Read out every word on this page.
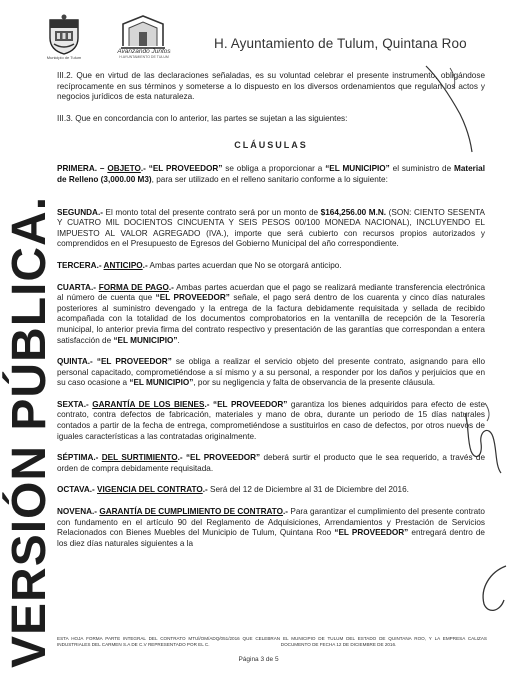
Municipio de Tulum
Avanzando Juntos
H.AYUNTAMIENTO DE TULUM
H. Ayuntamiento de Tulum, Quintana Roo
VERSIÓN PÚBLICA.

III.2. Que en virtud de las declaraciones señaladas, es su voluntad celebrar el presente instrumento, obligándose recíprocamente en sus términos y someterse a lo dispuesto en los diversos ordenamientos que regulan los actos y negocios jurídicos de esta naturaleza.

III.3. Que en concordancia con lo anterior, las partes se sujetan a las siguientes:

CLÁUSULAS

PRIMERA. – OBJETO.- “EL PROVEEDOR” se obliga a proporcionar a “EL MUNICIPIO” el suministro de Material de Relleno (3,000.00 M3), para ser utilizado en el relleno sanitario conforme a lo siguiente:

SEGUNDA.- El monto total del presente contrato será por un monto de $164,256.00 M.N. (SON: CIENTO SESENTA Y CUATRO MIL DOCIENTOS CINCUENTA Y SEIS PESOS 00/100 MONEDA NACIONAL), INCLUYENDO EL IMPUESTO AL VALOR AGREGADO (IVA.), importe que será cubierto con recursos propios autorizados y comprendidos en el Presupuesto de Egresos del Gobierno Municipal del año correspondiente.

TERCERA.- ANTICIPO.- Ambas partes acuerdan que No se otorgará anticipo.

CUARTA.- FORMA DE PAGO.- Ambas partes acuerdan que el pago se realizará mediante transferencia electrónica al número de cuenta que “EL PROVEEDOR” señale, el pago será dentro de los cuarenta y cinco días naturales posteriores al suministro devengado y la entrega de la factura debidamente requisitada y sellada de recibido acompañada con la totalidad de los documentos comprobatorios en la ventanilla de recepción de la Tesorería municipal, lo anterior previa firma del contrato respectivo y presentación de las garantías que correspondan a entera satisfacción de “EL MUNICIPIO”.

QUINTA.- “EL PROVEEDOR” se obliga a realizar el servicio objeto del presente contrato, asignando para ello personal capacitado, comprometiéndose a sí mismo y a su personal, a responder por los daños y perjuicios que en su caso ocasione a “EL MUNICIPIO”, por su negligencia y falta de observancia de la presente cláusula.

SEXTA.- GARANTÍA DE LOS BIENES.- “EL PROVEEDOR” garantiza los bienes adquiridos para efecto de este contrato, contra defectos de fabricación, materiales y mano de obra, durante un periodo de 15 días naturales contados a partir de la fecha de entrega, comprometiéndose a sustituirlos en caso de defectos, por otros nuevos de iguales características a las contratadas originalmente.

SÉPTIMA.- DEL SURTIMIENTO.- “EL PROVEEDOR” deberá surtir el producto que le sea requerido, a través de orden de compra debidamente requisitada.

OCTAVA.- VIGENCIA DEL CONTRATO.- Será del 12 de Diciembre al 31 de Diciembre del 2016.

NOVENA.- GARANTÍA DE CUMPLIMIENTO DE CONTRATO.- Para garantizar el cumplimiento del presente contrato con fundamento en el artículo 90 del Reglamento de Adquisiciones, Arrendamientos y Prestación de Servicios Relacionados con Bienes Muebles del Municipio de Tulum, Quintana Roo “EL PROVEEDOR” entregará dentro de los diez días naturales siguientes a la

ESTA HOJA FORMA PARTE INTEGRAL DEL CONTRATO MTUl/OM/ADQ/051/2016 QUE CELEBRAN EL MUNICIPIO DE TULUM DEL ESTADO DE QUINTANA ROO, Y LA EMPRESA CALIZAS INDUSTRIALES DEL CARMEN S.A DE C.V REPRESENTADO POR EL C.	DOCUMENTO DE FECHA 12 DE DICIEMBRE DE 2016.
Página 3 de 5
